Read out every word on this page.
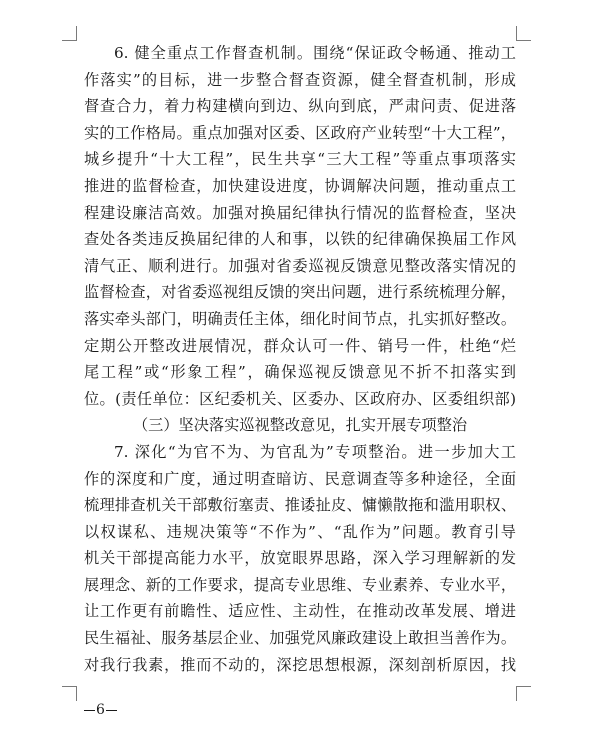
6. 健全重点工作督查机制。围绕“保证政令畅通、推动工
作落实”的目标，进一步整合督查资源，健全督查机制，形成
督查合力，着力构建横向到边、纵向到底，严肃问责、促进落
实的工作格局。重点加强对区委、区政府产业转型“十大工程”，
城乡提升“十大工程”，民生共享“三大工程”等重点事项落实
推进的监督检查，加快建设进度，协调解决问题，推动重点工
程建设廉洁高效。加强对换届纪律执行情况的监督检查，坚决
查处各类违反换届纪律的人和事，以铁的纪律确保换届工作风
清气正、顺利进行。加强对省委巡视反馈意见整改落实情况的
监督检查，对省委巡视组反馈的突出问题，进行系统梳理分解，
落实牵头部门，明确责任主体，细化时间节点，扎实抓好整改。
定期公开整改进展情况，群众认可一件、销号一件，杜绝“烂
尾工程”或“形象工程”，确保巡视反馈意见不折不扣落实到
位。(责任单位：区纪委机关、区委办、区政府办、区委组织部)
（三）坚决落实巡视整改意见，扎实开展专项整治
7. 深化“为官不为、为官乱为”专项整治。进一步加大工
作的深度和广度，通过明查暗访、民意调查等多种途径，全面
梳理排查机关干部敷衍塞责、推诿扯皮、慵懒散拖和滥用职权、
以权谋私、违规决策等“不作为”、“乱作为”问题。教育引导
机关干部提高能力水平，放宽眼界思路，深入学习理解新的发
展理念、新的工作要求，提高专业思维、专业素养、专业水平，
让工作更有前瞻性、适应性、主动性，在推动改革发展、增进
民生福祉、服务基层企业、加强党风廉政建设上敢担当善作为。
对我行我素，推而不动的，深挖思想根源，深刻剖析原因，找
6
